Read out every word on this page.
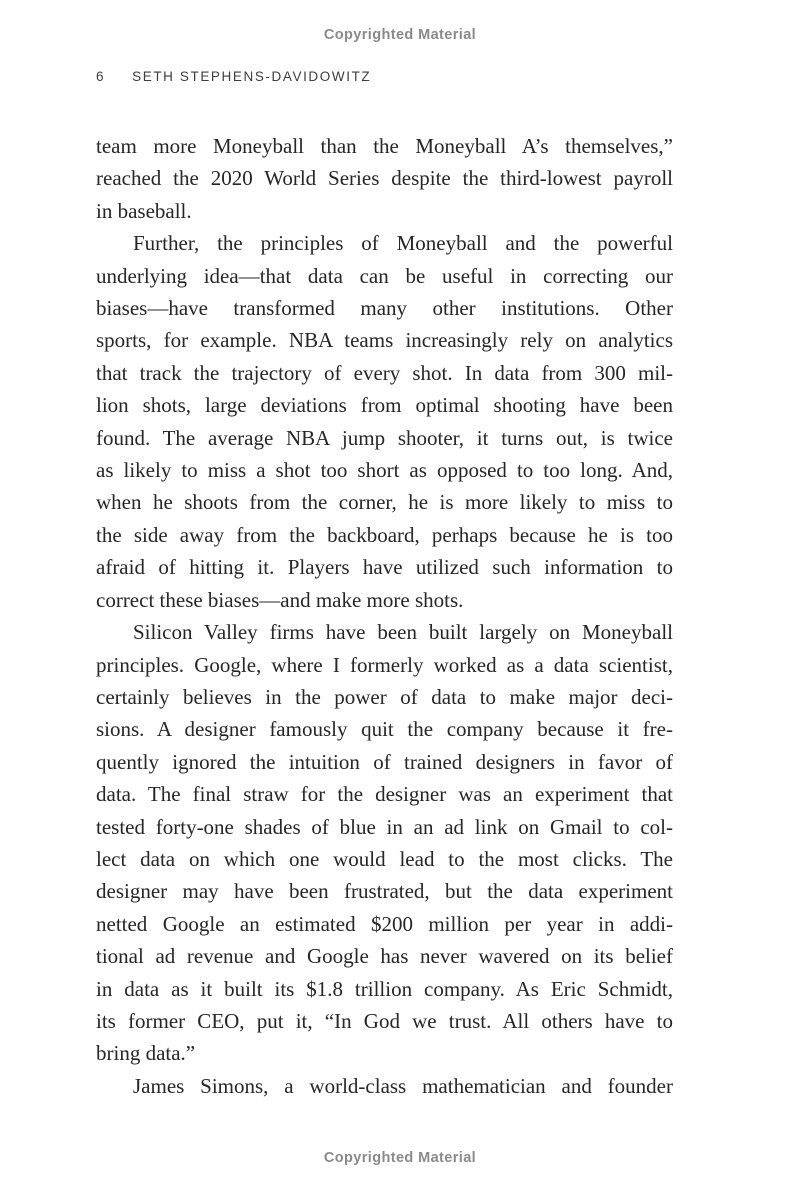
Copyrighted Material
6 SETH STEPHENS-DAVIDOWITZ
team more Moneyball than the Moneyball A’s themselves,”
reached the 2020 World Series despite the third-lowest payroll
in baseball.
Further, the principles of Moneyball and the powerful
underlying idea—that data can be useful in correcting our
biases—have transformed many other institutions. Other
sports, for example. NBA teams increasingly rely on analytics
that track the trajectory of every shot. In data from 300 mil-
lion shots, large deviations from optimal shooting have been
found. The average NBA jump shooter, it turns out, is twice
as likely to miss a shot too short as opposed to too long. And,
when he shoots from the corner, he is more likely to miss to
the side away from the backboard, perhaps because he is too
afraid of hitting it. Players have utilized such information to
correct these biases—and make more shots.
Silicon Valley firms have been built largely on Moneyball
principles. Google, where I formerly worked as a data scientist,
certainly believes in the power of data to make major deci-
sions. A designer famously quit the company because it fre-
quently ignored the intuition of trained designers in favor of
data. The final straw for the designer was an experiment that
tested forty-one shades of blue in an ad link on Gmail to col-
lect data on which one would lead to the most clicks. The
designer may have been frustrated, but the data experiment
netted Google an estimated $200 million per year in addi-
tional ad revenue and Google has never wavered on its belief
in data as it built its $1.8 trillion company. As Eric Schmidt,
its former CEO, put it, “In God we trust. All others have to
bring data.”
James Simons, a world-class mathematician and founder
Copyrighted Material
